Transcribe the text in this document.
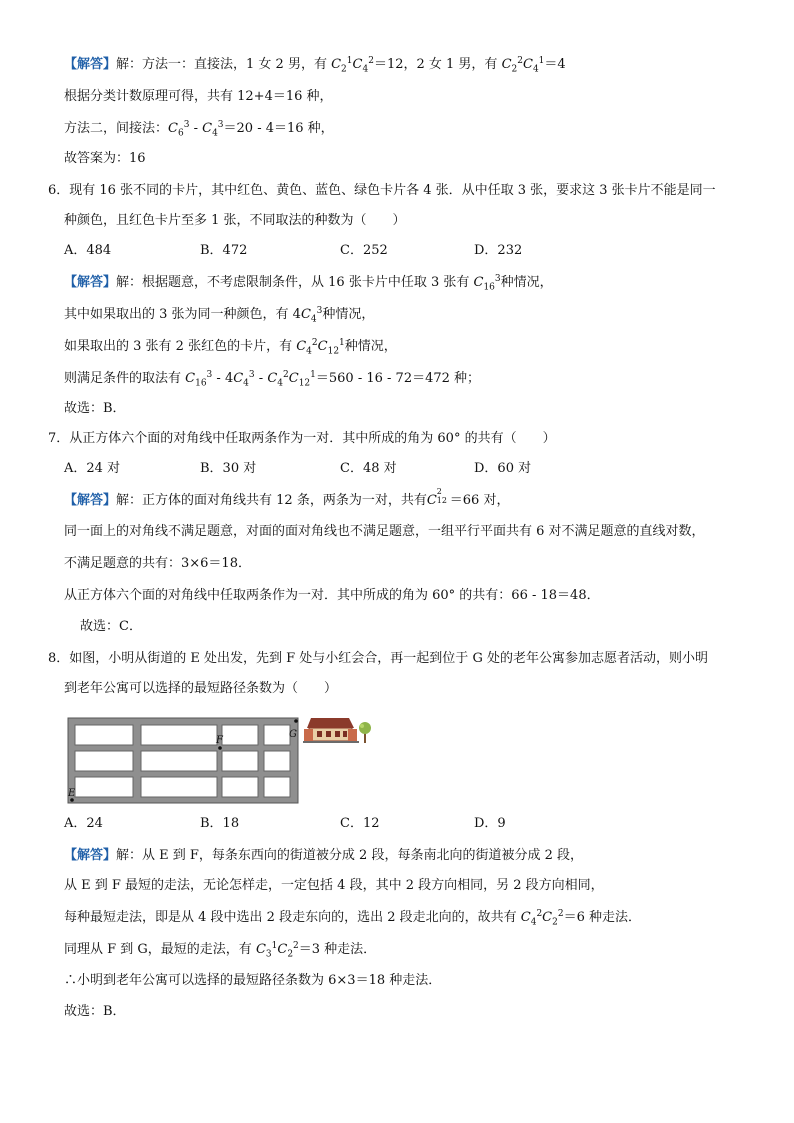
【解答】解：方法一：直接法，1 女 2 男，有 $C_2^1C_4^2=12$，2 女 1 男，有 $C_2^2C_4^1=4$
根据分类计数原理可得，共有 12+4＝16 种，
方法二，间接法：$C_6^3 - C_4^3=20 - 4=16$ 种，
故答案为：16
6．现有 16 张不同的卡片，其中红色、黄色、蓝色、绿色卡片各 4 张．从中任取 3 张，要求这 3 张卡片不能是同一
种颜色，且红色卡片至多 1 张，不同取法的种数为（　　）
A．484	B．472	C．252	D．232
【解答】解：根据题意，不考虑限制条件，从 16 张卡片中任取 3 张有 $C_{16}^3$种情况，
其中如果取出的 3 张为同一种颜色，有 $4C_4^3$种情况，
如果取出的 3 张有 2 张红色的卡片，有 $C_4^2C_{12}^1$种情况，
则满足条件的取法有 $C_{16}^3 - 4C_4^3 - C_4^2C_{12}^1=560 - 16 - 72=472$ 种；
故选：B．
7．从正方体六个面的对角线中任取两条作为一对．其中所成的角为 60° 的共有（　　）
A．24 对	B．30 对	C．48 对	D．60 对
【解答】解：正方体的面对角线共有 12 条，两条为一对，共有C
2
12 ＝66 对，
同一面上的对角线不满足题意，对面的面对角线也不满足题意，一组平行平面共有 6 对不满足题意的直线对数，
不满足题意的共有：3×6＝18．
从正方体六个面的对角线中任取两条作为一对．其中所成的角为 60° 的共有：66 - 18＝48．
故选：C．
8．如图，小明从街道的 E 处出发，先到 F 处与小红会合，再一起到位于 G 处的老年公寓参加志愿者活动，则小明
到老年公寓可以选择的最短路径条数为（　　）
E
F
G
A．24	B．18	C．12	D．9
【解答】解：从 E 到 F，每条东西向的街道被分成 2 段，每条南北向的街道被分成 2 段，
从 E 到 F 最短的走法，无论怎样走，一定包括 4 段，其中 2 段方向相同，另 2 段方向相同，
每种最短走法，即是从 4 段中选出 2 段走东向的，选出 2 段走北向的，故共有 $C_4^2C_2^2=6$ 种走法．
同理从 F 到 G，最短的走法，有 $C_3^1C_2^2=3$ 种走法．
∴小明到老年公寓可以选择的最短路径条数为 6×3＝18 种走法．
故选：B．
